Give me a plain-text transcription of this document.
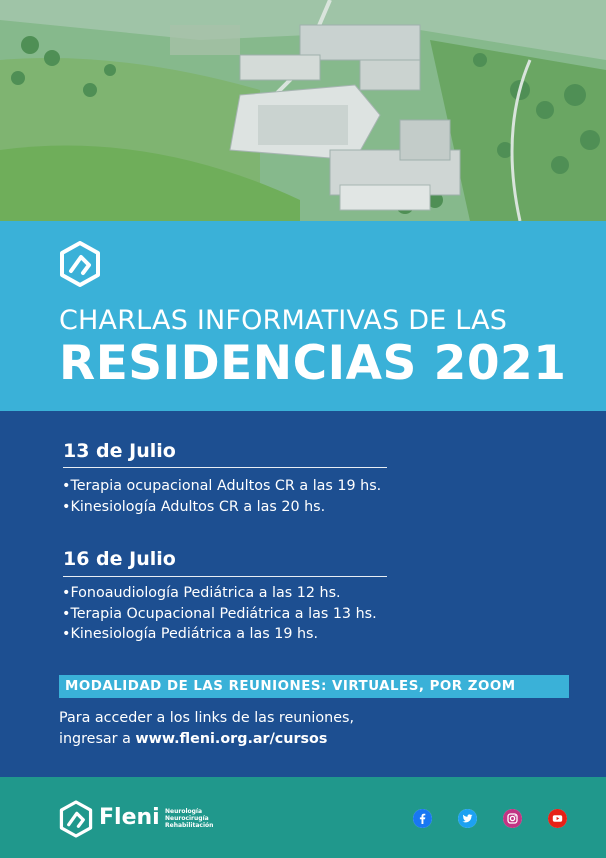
CHARLAS INFORMATIVAS DE LAS
RESIDENCIAS 2021
13 de Julio
• Terapia ocupacional Adultos CR a las 19 hs.
• Kinesiología Adultos CR a las 20 hs.
16 de Julio
• Fonoaudiología Pediátrica a las 12 hs.
• Terapia Ocupacional Pediátrica a las 13 hs.
• Kinesiología Pediátrica a las 19 hs.
MODALIDAD DE LAS REUNIONES: VIRTUALES, POR ZOOM
Para acceder a los links de las reuniones,
ingresar a www.fleni.org.ar/cursos
Fleni Neurología
Neurocirugía
Rehabilitación
